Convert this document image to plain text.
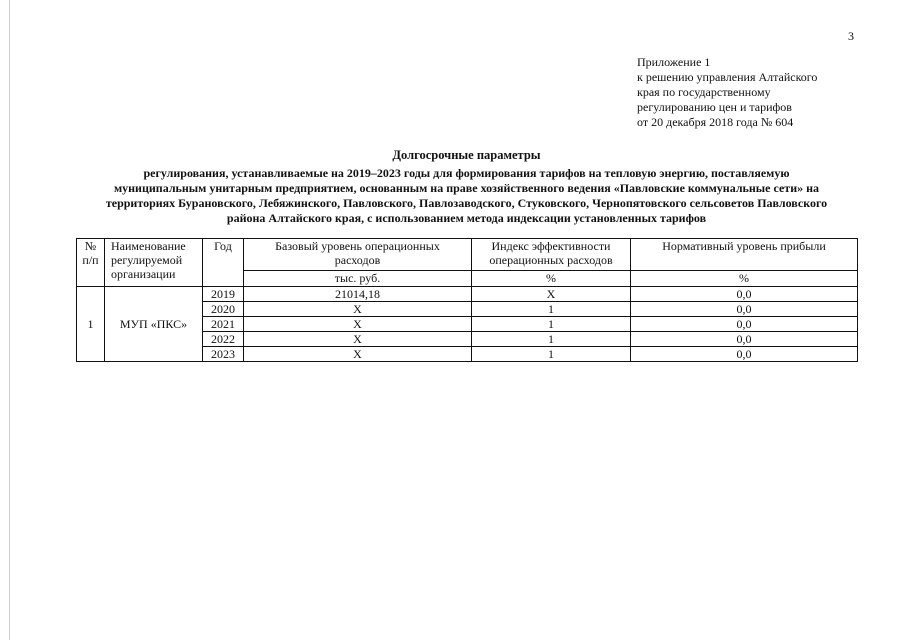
3
Приложение 1
к решению управления Алтайского
края по государственному
регулированию цен и тарифов
от 20 декабря 2018 года № 604
Долгосрочные параметры
регулирования, устанавливаемые на 2019–2023 годы для формирования тарифов на тепловую энергию, поставляемую
муниципальным унитарным предприятием, основанным на праве хозяйственного ведения «Павловские коммунальные сети» на
территориях Бурановского, Лебяжинского, Павловского, Павлозаводского, Стуковского, Чернопятовского сельсоветов Павловского
района Алтайского края, с использованием метода индексации установленных тарифов
№
п/п	Наименование
регулируемой
организации	Год	Базовый уровень операционных
расходов	Индекс эффективности
операционных расходов	Нормативный уровень прибыли
			тыс. руб.	%	%
1	МУП «ПКС»	2019	21014,18	Х	0,0
		2020	Х	1	0,0
		2021	Х	1	0,0
		2022	Х	1	0,0
		2023	Х	1	0,0
